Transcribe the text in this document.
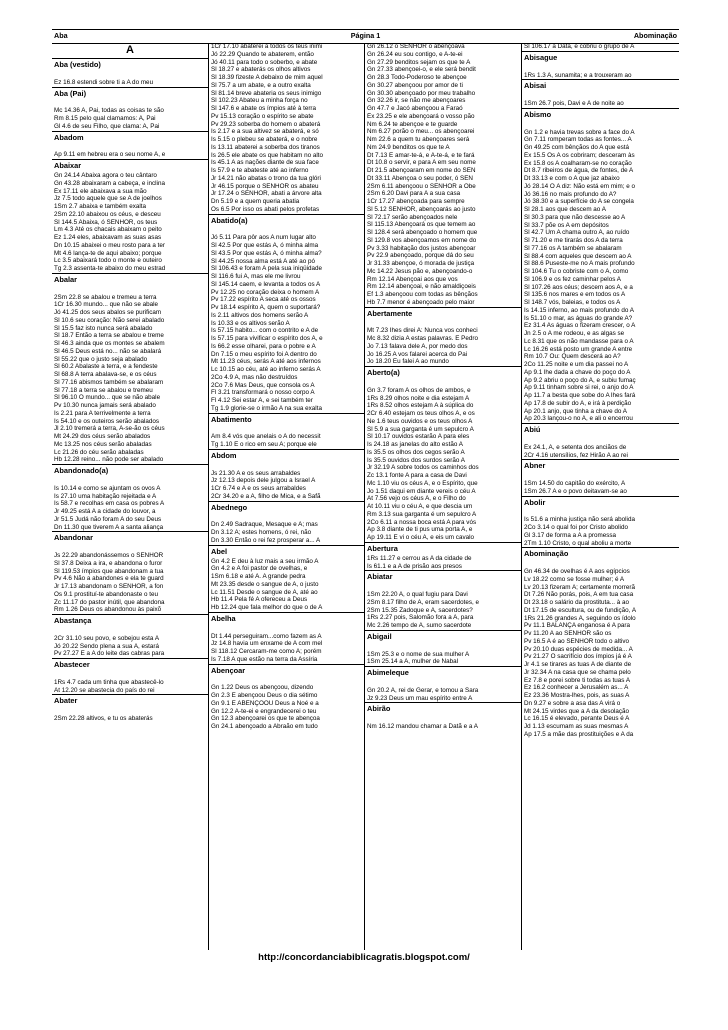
Aba	Página 1	Abominação
A
Aba (vestido)
Ez 16.8 estendi sobre ti a A do meu
Aba (Pai)
Mc 14.36 A, Pai, todas as coisas te são
Rm 8.15 pelo qual clamamos: A, Pai
Gl 4.6 de seu Filho, que clama: A, Pai
Abadom
Ap 9.11 em hebreu era o seu nome A, e
Abaixar
Gn 24.14 Abaixa agora o teu cântaro
Gn 43.28 abaixaram a cabeça, e inclina
Êx 17.11 ele abaixava a sua mão
Jz 7.5 todo aquele que se A de joelhos
1Sm 2.7 abaixa e também exalta
2Sm 22.10 abaixou os céus, e desceu
Sl 144.5 Abaixa, ó SENHOR, os teus
Lm 4.3 Até os chacais abaixam o peito
Ez 1.24 eles, abaixavam as suas asas
Dn 10.15 abaixei o meu rosto para a ter
Mt 4.6 lança-te de aqui abaixo; porque
Lc 3.5 abaixará todo o monte e outeiro
Tg 2.3 assenta-te abaixo do meu estrad
Abalar
2Sm 22.8 se abalou e tremeu a terra
1Cr 16.30 mundo... que não se abale
Jó 41.25 dos seus abalos se purificam
Sl 10.6 seu coração: Não serei abalado
Sl 15.5 faz isto nunca será abalado
Sl 18.7 Então a terra se abalou e treme
Sl 46.3 ainda que os montes se abalem
Sl 46.5 Deus está no... não se abalará
Sl 55.22 que o justo seja abalado
Sl 60.2 Abalaste a terra, e a fendeste
Sl 68.8 A terra abalava-se, e os céus
Sl 77.16 abismos também se abalaram
Sl 77.18 a terra se abalou e tremeu
Sl 96.10 O mundo... que se não abale
Pv 10.30 nunca jamais será abalado
Is 2.21 para A terrivelmente a terra
Is 54.10 e os outeiros serão abalados
Jl 2.10 tremerá a terra, A-se-ão os céus
Mt 24.29 dos céus serão abalados
Mc 13.25 nos céus serão abaladas
Lc 21.26 do céu serão abaladas
Hb 12.28 reino... não pode ser abalado
Abandonado(a)
Is 10.14 e como se ajuntam os ovos A
Is 27.10 uma habitação rejeitada e A
Is 58.7 e recolhas em casa os pobres A
Jr 49.25 está A a cidade do louvor, a
Jr 51.5 Judá não foram A do seu Deus
Dn 11.30 que tiverem A a santa aliança
Abandonar
Js 22.29 abandonássemos o SENHOR
Sl 37.8 Deixa a ira, e abandona o furor
Sl 119.53 ímpios que abandonam a tua
Pv 4.6 Não a abandones e ela te guard
Jr 17.13 abandonam o SENHOR, a fon
Os 9.1 prostituí-te abandonaste o teu
Zc 11.17 do pastor inútil, que abandona
Rm 1.26 Deus os abandonou às paixõ
Abastança
2Cr 31.10 seu povo, e sobejou esta A
Jó 20.22 Sendo plena a sua A, estará
Pv 27.27 E a A do leite das cabras para
Abastecer
1Rs 4.7 cada um tinha que abastecê-lo
At 12.20 se abastecia do país do rei
Abater
2Sm 22.28 altivos, e tu os abaterás
1Cr 17.10 abaterei a todos os teus inimi
Jó 22.29 Quando te abaterem, então
Jó 40.11 para todo o soberbo, e abate
Sl 18.27 e abaterás os olhos altivos
Sl 18.39 fizeste A debaixo de mim aquel
Sl 75.7 a um abate, e a outro exalta
Sl 81.14 breve abateria os seus inimigo
Sl 102.23 Abateu a minha força no
Sl 147.6 e abate os ímpios até à terra
Pv 15.13 coração o espírito se abate
Pv 29.23 soberba do homem o abaterá
Is 2.17 e a sua altivez se abaterá, e só
Is 5.15 o plebeu se abaterá, e o nobre
Is 13.11 abaterei a soberba dos tiranos
Is 26.5 ele abate os que habitam no alto
Is 45.1 A as nações diante de sua face
Is 57.9 e te abateste até ao inferno
Jr 14.21 não abatas o trono da tua glóri
Jr 46.15 porque o SENHOR os abateu
Jr 17.24 o SENHOR, abati a árvore alta
Dn 5.19 e a quem queria abatia
Os 6.5 Por isso os abati pelos profetas
Abatido(a)
Jó 5.11 Para pôr aos A num lugar alto
Sl 42.5 Por que estás A, ó minha alma
Sl 43.5 Por que estás A, ó minha alma?
Sl 44.25 nossa alma está A até ao pó
Sl 106.43 e foram A pela sua iniqüidade
Sl 116.6 fui A, mas ele me livrou
Sl 145.14 caem, e levanta a todos os A
Pv 12.25 no coração deixa o homem A
Pv 17.22 espírito A seca até os ossos
Pv 18.14 espírito A, quem o suportará?
Is 2.11 altivos dos homens serão A
Is 10.33 e os altivos serão A
Is 57.15 habito... com o contrito e A de
Is 57.15 para vivificar o espírito dos A, e
Is 66.2 esse olharei, para o pobre e A
Dn 7.15 o meu espírito foi A dentro do
Mt 11.23 céus, serás A até aos infernos
Lc 10.15 ao céu, até ao inferno serás A
2Co 4.9 A, mas não destruídos
2Co 7.6 Mas Deus, que consola os A
Fl 3.21 transformará o nosso corpo A
Fl 4.12 Sei estar A, e sei também ter
Tg 1.9 glorie-se o irmão A na sua exalta
Abatimento
Am 8.4 vós que anelais o A do necessit
Tg 1.10 E o rico em seu A; porque ele
Abdom
Js 21.30 A e os seus arrabaldes
Jz 12.13 depois dele julgou a Israel A
1Cr 6.74 e A e os seus arrabaldes
2Cr 34.20 e a A, filho de Mica, e a Safã
Abednego
Dn 2.49 Sadraque, Mesaque e A; mas
Dn 3.12 A; estes homens, ó rei, não
Dn 3.30 Então o rei fez prosperar a... A
Abel
Gn 4.2 E deu à luz mais a seu irmão A
Gn 4.2 e A foi pastor de ovelhas, e
1Sm 6.18 e até A. A grande pedra
Mt 23.35 desde o sangue de A, o justo
Lc 11.51 Desde o sangue de A, até ao
Hb 11.4 Pela fé A ofereceu a Deus
Hb 12.24 que fala melhor do que o de A
Abelha
Dt 1.44 perseguiram...como fazem as A
Jz 14.8 havia um enxame de A com mel
Sl 118.12 Cercaram-me como A; porém
Is 7.18 A que estão na terra da Assíria
Abençoar
Gn 1.22 Deus os abençoou, dizendo
Gn 2.3 E abençoou Deus o dia sétimo
Gn 9.1 E ABENÇOOU Deus a Noé e a
Gn 12.2 A-te-ei e engrandecerei o teu
Gn 12.3 abençoarei os que te abençoa
Gn 24.1 abençoado a Abraão em tudo
Gn 26.12 o SENHOR o abençoava
Gn 26.24 eu sou contigo, e A-te-ei
Gn 27.29 benditos sejam os que te A
Gn 27.33 abençoei-o, e ele será bendit
Gn 28.3 Todo-Poderoso te abençoe
Gn 30.27 abençoou por amor de ti
Gn 30.30 abençoado por meu trabalho
Gn 32.26 ir, se não me abençoares
Gn 47.7 e Jacó abençoou a Faraó
Êx 23.25 e ele abençoará o vosso pão
Nm 6.24 te abençoe e te guarde
Nm 6.27 porão o meu... os abençoarei
Nm 22.6 a quem tu abençoares será
Nm 24.9 benditos os que te A
Dt 7.13 E amar-te-á, e A-te-á, e te fará
Dt 10.8 o servir, e para A em seu nome
Dt 21.5 abençoaram em nome do SEN
Dt 33.11 Abençoa o seu poder, ó SEN
2Sm 6.11 abençoou o SENHOR a Obe
2Sm 6.20 Davi para A a sua casa
1Cr 17.27 abençoada para sempre
Sl 5.12 SENHOR, abençoarás ao justo
Sl 72.17 serão abençoados nele
Sl 115.13 Abençoará os que temem ao
Sl 128.4 será abençoado o homem que
Sl 129.8 vos abençoamos em nome do
Pv 3.33 habitação dos justos abençoar
Pv 22.9 abençoado, porque dá do seu
Jr 31.33 abençoe, ó morada de justiça
Mc 14.22 Jesus pão e, abençoando-o
Rm 12.14 Abençoai aos que vos
Rm 12.14 abençoai, e não amaldiçoeis
Ef 1.3 abençoou com todas as bênçãos
Hb 7.7 menor é abençoado pelo maior
Abertamente
Mt 7.23 Ihes direi A: Nunca vos conheci
Mc 8.32 dizia A estas palavras. E Pedro
Jo 7.13 falava dele A, por medo dos
Jo 16.25 A vos falarei acerca do Pai
Jo 18.20 Eu falei A ao mundo
Aberto(a)
Gn 3.7 foram A os olhos de ambos, e
1Rs 8.29 olhos noite e dia estejam A
1Rs 8.52 olhos estejam A à súplica do
2Cr 6.40 estejam os teus olhos A, e os
Ne 1.6 teus ouvidos e os teus olhos A
Sl 5.9 a sua garganta é um sepulcro A
Sl 10.17 ouvidos estarão A para eles
Is 24.18 as janelas do alto estão A
Is 35.5 os olhos dos cegos serão A
Is 35.5 ouvidos dos surdos serão A
Jr 32.19 A sobre todos os caminhos dos
Zc 13.1 fonte A para a casa de Davi
Mc 1.10 viu os céus A, e o Espírito, que
Jo 1.51 daqui em diante vereis o céu A
At 7.56 vejo os céus A, e o Filho do
At 10.11 viu o céu A, e que descia um
Rm 3.13 sua garganta é um sepulcro A
2Co 6.11 a nossa boca está A para vós
Ap 3.8 diante de ti pus uma porta A, e
Ap 19.11 E vi o céu A, e eis um cavalo
Abertura
1Rs 11.27 e cerrou as A da cidade de
Is 61.1 e a A de prisão aos presos
Abiatar
1Sm 22.20 A, o qual fugiu para Davi
2Sm 8.17 filho de A, eram sacerdotes, e
2Sm 15.35 Zadoque e A, sacerdotes?
1Rs 2.27 pois, Salomão fora a A, para
Mc 2.26 tempo de A, sumo sacerdote
Abigail
1Sm 25.3 e o nome de sua mulher A
1Sm 25.14 a A, mulher de Nabal
Abimeleque
Gn 20.2 A, rei de Gerar, e tomou a Sara
Jz 9.23 Deus um mau espírito entre A
Abirão
Nm 16.12 mandou chamar a Datã e a A
Sl 106.17 a Datã, e cobriu o grupo de A
Abisague
1Rs 1.3 A, sunamita; e a trouxeram ao
Abisai
1Sm 26.7 pois, Davi e A de noite ao
Abismo
Gn 1.2 e havia trevas sobre a face do A
Gn 7.11 romperam todas as fontes... A
Gn 49.25 com bênçãos do A que está
Êx 15.5 Os A os cobriram; desceram às
Êx 15.8 os A coalharam-se no coração
Dt 8.7 ribeiros de água, de fontes, de A
Dt 33.13 e com o A que jaz abaixo
Jó 28.14 O A diz: Não está em mim; e o
Jó 36.16 no mais profundo do A?
Jó 38.30 e a superfície do A se congela
Sl 28.1 aos que descem ao A
Sl 30.3 para que não descesse ao A
Sl 33.7 põe os A em depósitos
Sl 42.7 Um A chama outro A, ao ruído
Sl 71.20 e me tirarás dos A da terra
Sl 77.16 os A também se abalaram
Sl 88.4 com aqueles que descem ao A
Sl 88.6 Puseste-me no A mais profundo
Sl 104.6 Tu o cobriste com o A, como
Sl 106.9 e os fez caminhar pelos A
Sl 107.26 aos céus; descem aos A, e a
Sl 135.6 nos mares e em todos os A
Sl 148.7 vós, baleias, e todos os A
Is 14.15 inferno, ao mais profundo do A
Is 51.10 o mar, as águas do grande A?
Ez 31.4 As águas o fizeram crescer, o A
Jn 2.5 o A me rodeou, e as algas se
Lc 8.31 que os não mandasse para o A
Lc 16.26 está posto um grande A entre
Rm 10.7 Ou: Quem descerá ao A?
2Co 11.25 noite e um dia passei no A
Ap 9.1 lhe dada a chave do poço do A
Ap 9.2 abriu o poço do A, e subiu fumaç
Ap 9.11 tinham sobre si rei, o anjo do A
Ap 11.7 a besta que sobe do A lhes fará
Ap 17.8 de subir do A, e irá à perdição
Ap 20.1 anjo, que tinha a chave do A
Ap 20.3 lançou-o no A, e ali o encerrou
Abiú
Êx 24.1, A, e setenta dos anciãos de
2Cr 4.16 utensílios, fez Hirão A ao rei
Abner
1Sm 14.50 do capitão do exército, A
1Sm 26.7 A e o povo deitavam-se ao
Abolir
Is 51.6 a minha justiça não será abolida
2Co 3.14 o qual foi por Cristo abolido
Gl 3.17 de forma a A a promessa
2Tm 1.10 Cristo, o qual aboliu a morte
Abominação
Gn 46.34 de ovelhas é A aos egípcios
Lv 18.22 como se fosse mulher; é A
Lv 20.13 fizeram A; certamente morrerã
Dt 7.26 Não porás, pois, A em tua casa
Dt 23.18 o salário da prostituta... à ao
Dt 17.15 de escultura, ou de fundição, A
1Rs 21.26 grandes A, seguindo os ídolo
Pv 11.1 BALANÇA enganosa é A para
Pv 11.20 A ao SENHOR são os
Pv 16.5 A é ao SENHOR todo o altivo
Pv 20.10 duas espécies de medida... A
Pv 21.27 O sacrifício dos ímpios já é A
Jr 4.1 se tirares as tuas A de diante de
Jr 32.34 A na casa que se chama pelo
Ez 7.8 e porei sobre ti todas as tuas A
Ez 16.2 conhecer a Jerusalém as... A
Ez 23.36 Mostra-lhes, pois, as suas A
Dn 9.27 e sobre a asa das A virá o
Mt 24.15 virdes que a A da desolação
Lc 16.15 é elevado, perante Deus é A
Jd 1.13 escumam as suas mesmas A
Ap 17.5 a mãe das prostituições e A da
http://concordanciabiblicagratis.blogspot.com/
